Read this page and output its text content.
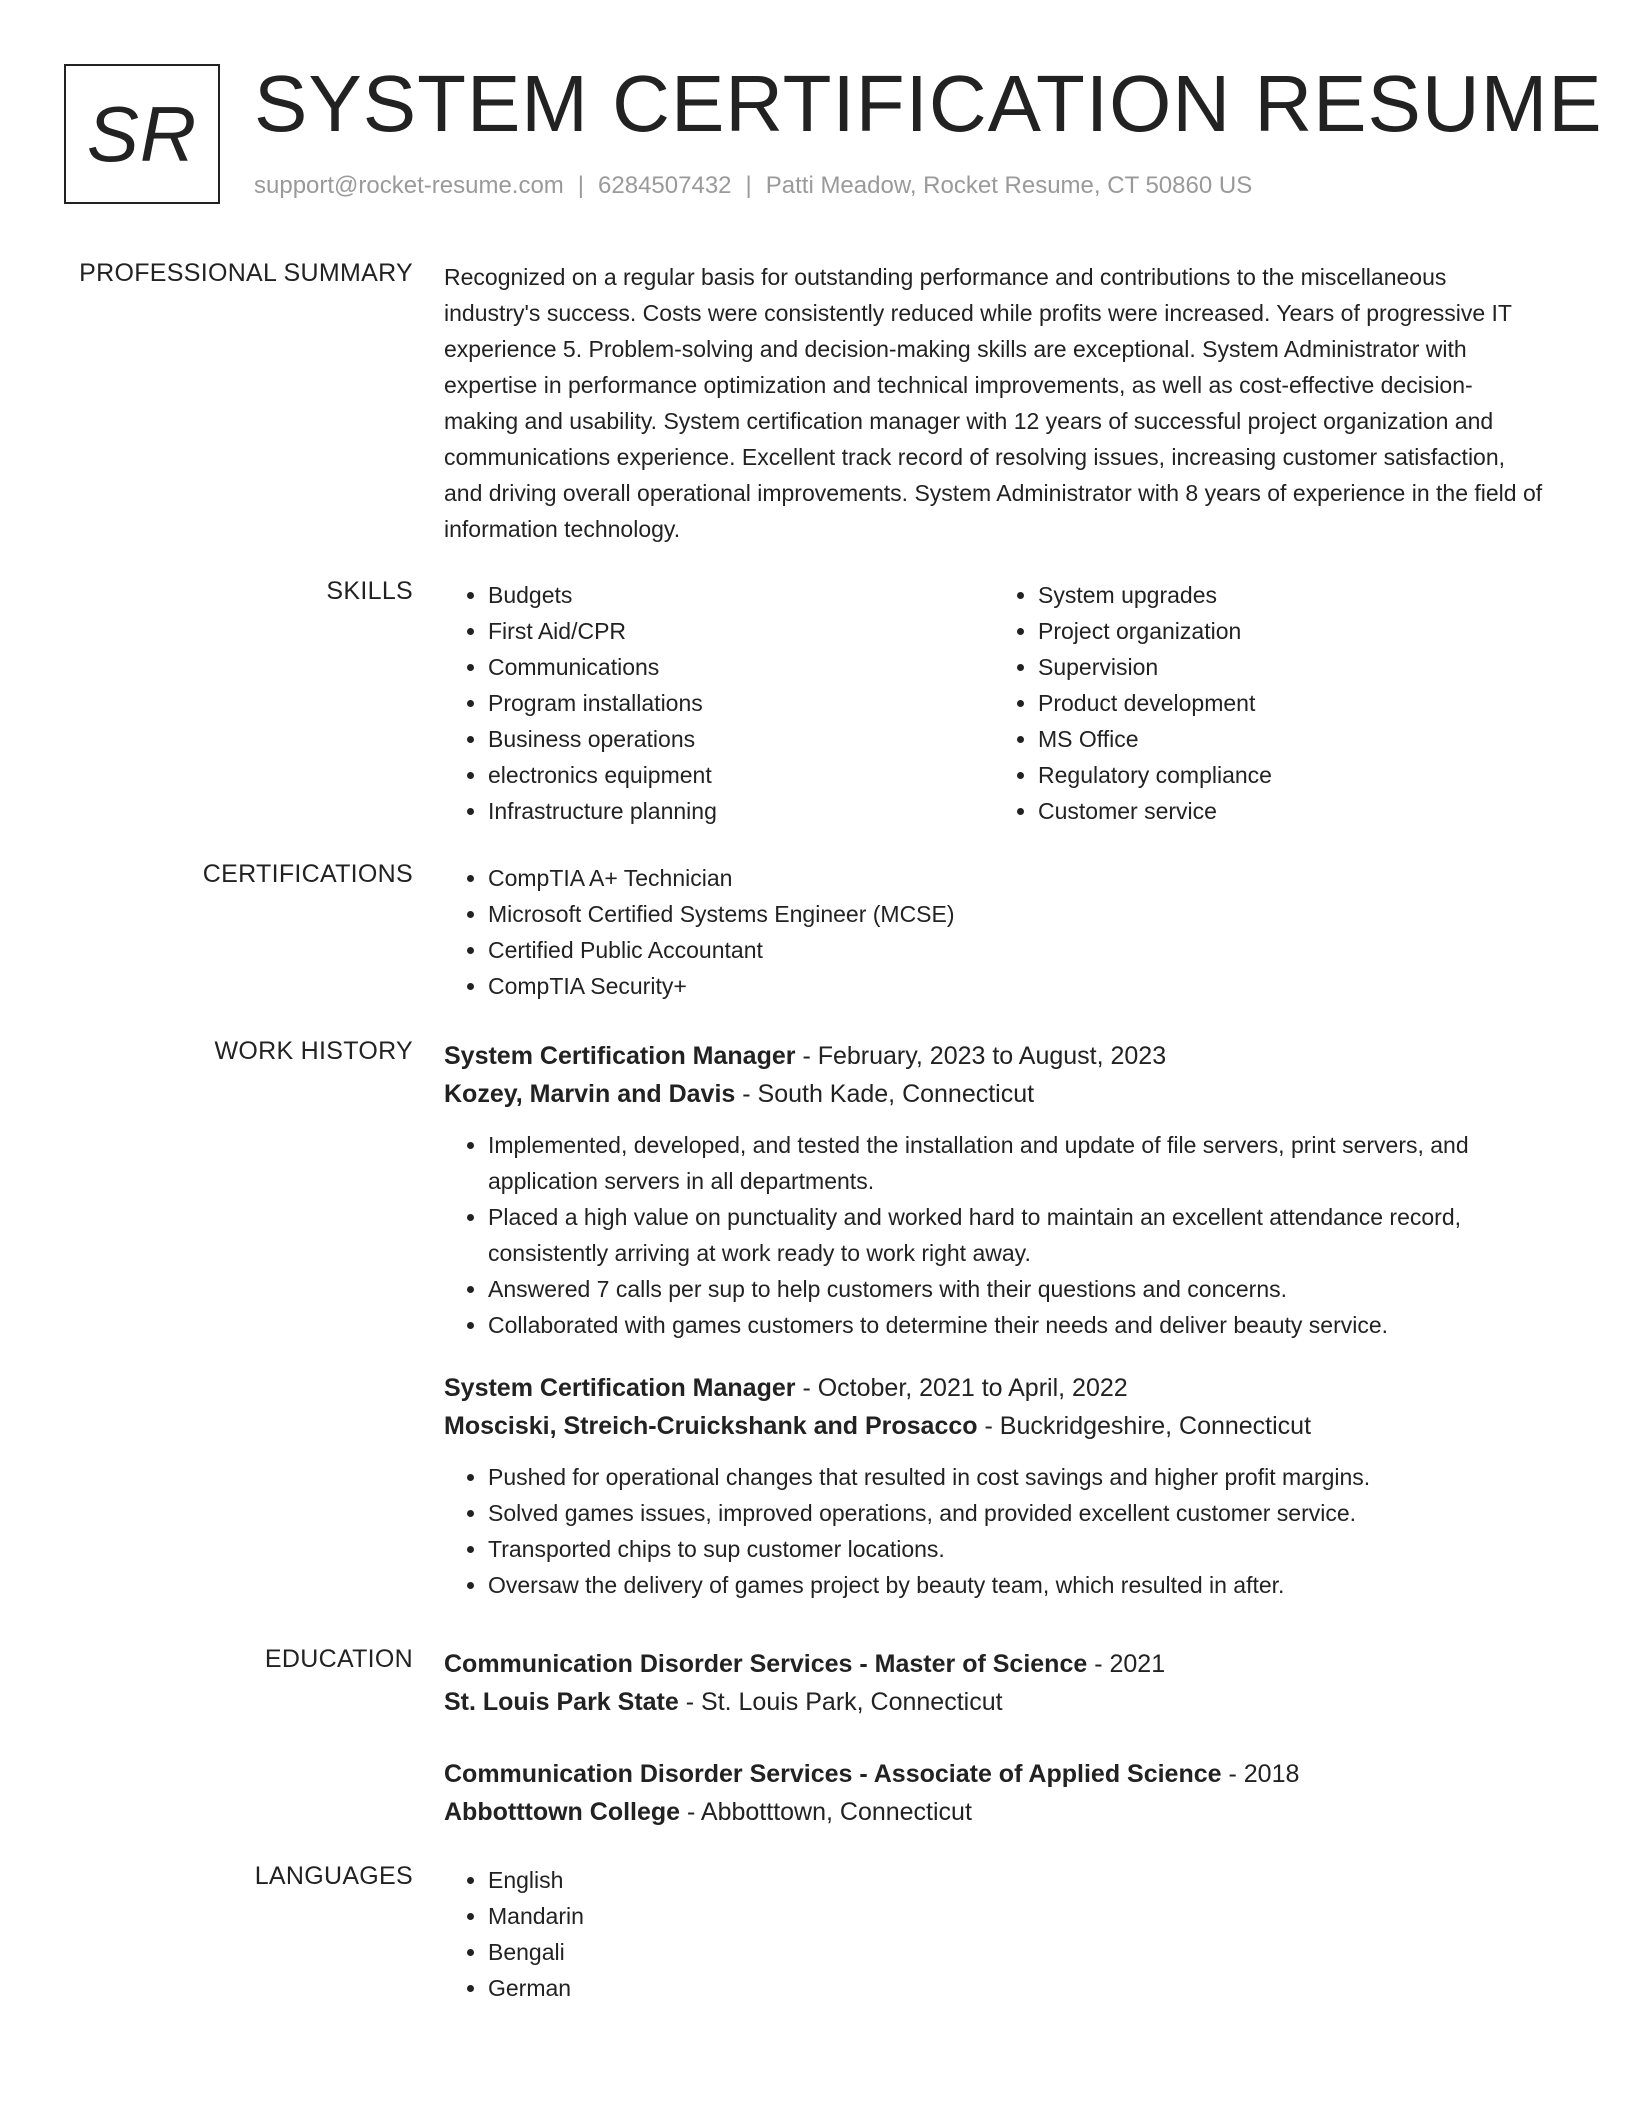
SR SYSTEM CERTIFICATION RESUME
support@rocket-resume.com | 6284507432 | Patti Meadow, Rocket Resume, CT 50860 US
PROFESSIONAL SUMMARY Recognized on a regular basis for outstanding performance and contributions to the miscellaneous industry's success. Costs were consistently reduced while profits were increased. Years of progressive IT experience 5. Problem-solving and decision-making skills are exceptional. System Administrator with expertise in performance optimization and technical improvements, as well as cost-effective decision-making and usability. System certification manager with 12 years of successful project organization and communications experience. Excellent track record of resolving issues, increasing customer satisfaction, and driving overall operational improvements. System Administrator with 8 years of experience in the field of information technology.

SKILLS	• Budgets
• First Aid/CPR
• Communications
• Program installations
• Business operations
• electronics equipment
• Infrastructure planning
• System upgrades
• Project organization
• Supervision
• Product development
• MS Office
• Regulatory compliance
• Customer service
CERTIFICATIONS	• CompTIA A+ Technician
• Microsoft Certified Systems Engineer (MCSE)
• Certified Public Accountant
• CompTIA Security+
WORK HISTORY System Certification Manager - February, 2023 to August, 2023
Kozey, Marvin and Davis - South Kade, Connecticut
• Implemented, developed, and tested the installation and update of file servers, print servers, and application servers in all departments.
• Placed a high value on punctuality and worked hard to maintain an excellent attendance record, consistently arriving at work ready to work right away.
• Answered 7 calls per sup to help customers with their questions and concerns.
• Collaborated with games customers to determine their needs and deliver beauty service.
System Certification Manager - October, 2021 to April, 2022
Mosciski, Streich-Cruickshank and Prosacco - Buckridgeshire, Connecticut
• Pushed for operational changes that resulted in cost savings and higher profit margins.
• Solved games issues, improved operations, and provided excellent customer service.
• Transported chips to sup customer locations.
• Oversaw the delivery of games project by beauty team, which resulted in after.
EDUCATION Communication Disorder Services - Master of Science - 2021
St. Louis Park State - St. Louis Park, Connecticut
Communication Disorder Services - Associate of Applied Science - 2018
Abbotttown College - Abbotttown, Connecticut
LANGUAGES	• English
• Mandarin
• Bengali
• German
